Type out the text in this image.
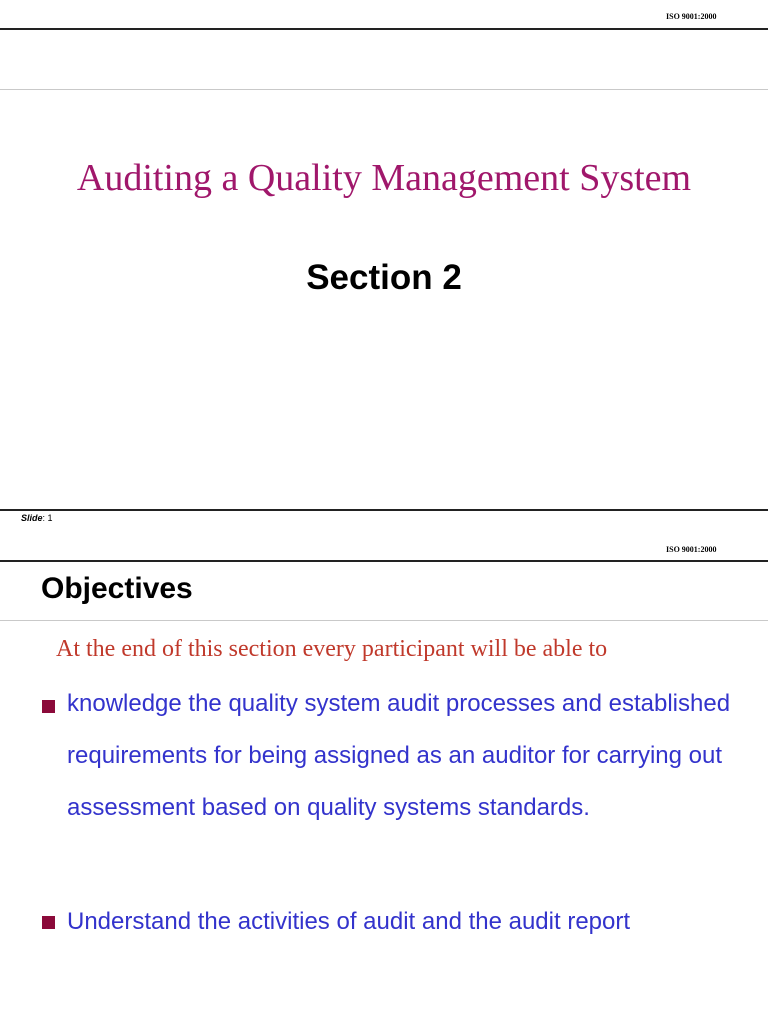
ISO 9001:2000
Auditing a Quality Management System
Section 2
Slide: 1
ISO 9001:2000
Objectives
At the end of this section every participant will be able to
knowledge the quality system audit processes and established requirements for being assigned as an auditor for carrying out assessment based on quality systems standards.
Understand the activities of audit and the audit report
